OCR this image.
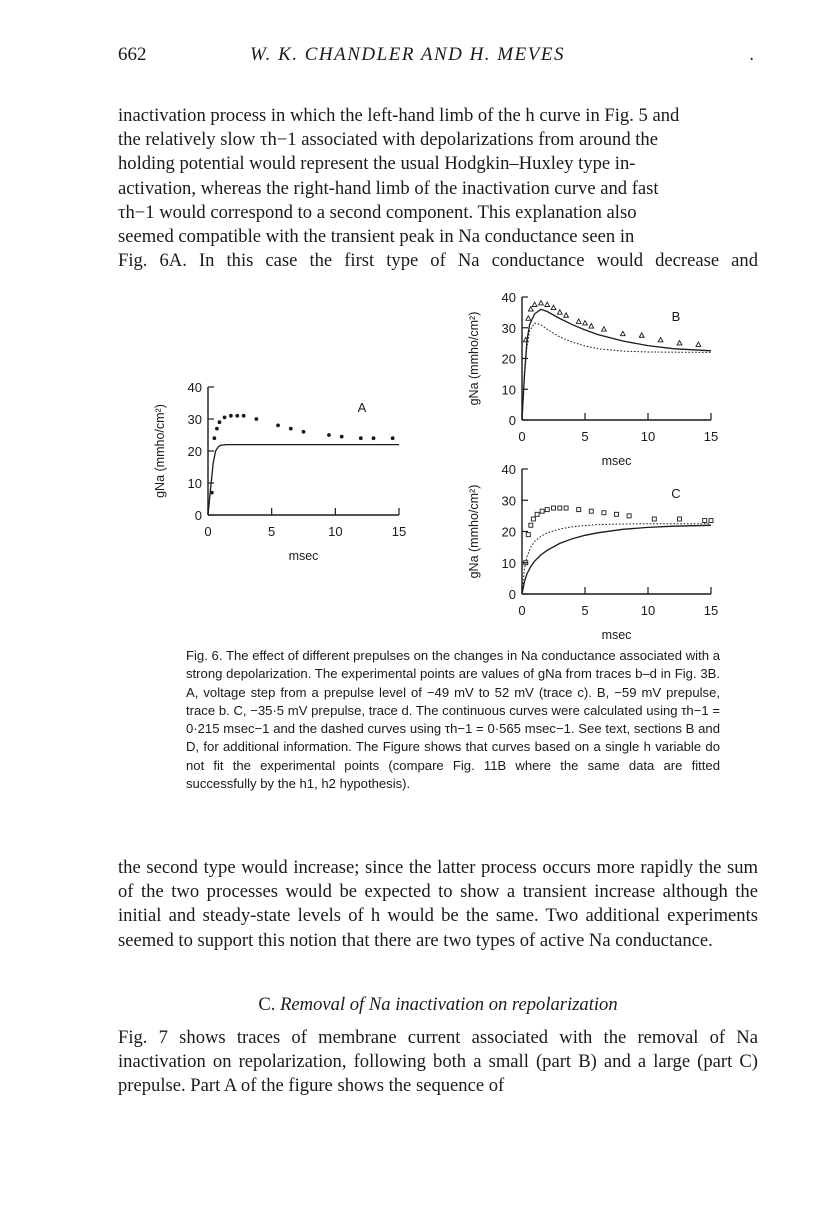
662	W. K. CHANDLER AND H. MEVES	.

inactivation process in which the left-hand limb of the h curve in Fig. 5 and

the relatively slow τh−1 associated with depolarizations from around the

holding potential would represent the usual Hodgkin–Huxley type in-

activation, whereas the right-hand limb of the inactivation curve and fast

τh−1 would correspond to a second component. This explanation also

seemed compatible with the transient peak in Na conductance seen in

Fig. 6A. In this case the first type of Na conductance would decrease and

0
10
20
30
40
0	5	10	15
msec
gNa (mmho/cm²)	A
0
10
20
30
40
0	5	10	15
msec
gNa (mmho/cm²)	B
0
10
20
30
40
0	5	10	15
msec
gNa (mmho/cm²)	C
Fig. 6. The effect of different prepulses on the changes in Na conductance associated with a strong depolarization. The experimental points are values of gNa from traces b–d in Fig. 3B. A, voltage step from a prepulse level of −49 mV to 52 mV (trace c). B, −59 mV prepulse, trace b. C, −35·5 mV prepulse, trace d. The continuous curves were calculated using τh−1 = 0·215 msec−1 and the dashed curves using τh−1 = 0·565 msec−1. See text, sections B and D, for additional information. The Figure shows that curves based on a single h variable do not fit the experimental points (compare Fig. 11B where the same data are fitted successfully by the h1, h2 hypothesis).
the second type would increase; since the latter process occurs more rapidly the sum of the two processes would be expected to show a transient increase although the initial and steady-state levels of h would be the same. Two additional experiments seemed to support this notion that there are two types of active Na conductance.
C. Removal of Na inactivation on repolarization
Fig. 7 shows traces of membrane current associated with the removal of Na inactivation on repolarization, following both a small (part B) and a large (part C) prepulse. Part A of the figure shows the sequence of
